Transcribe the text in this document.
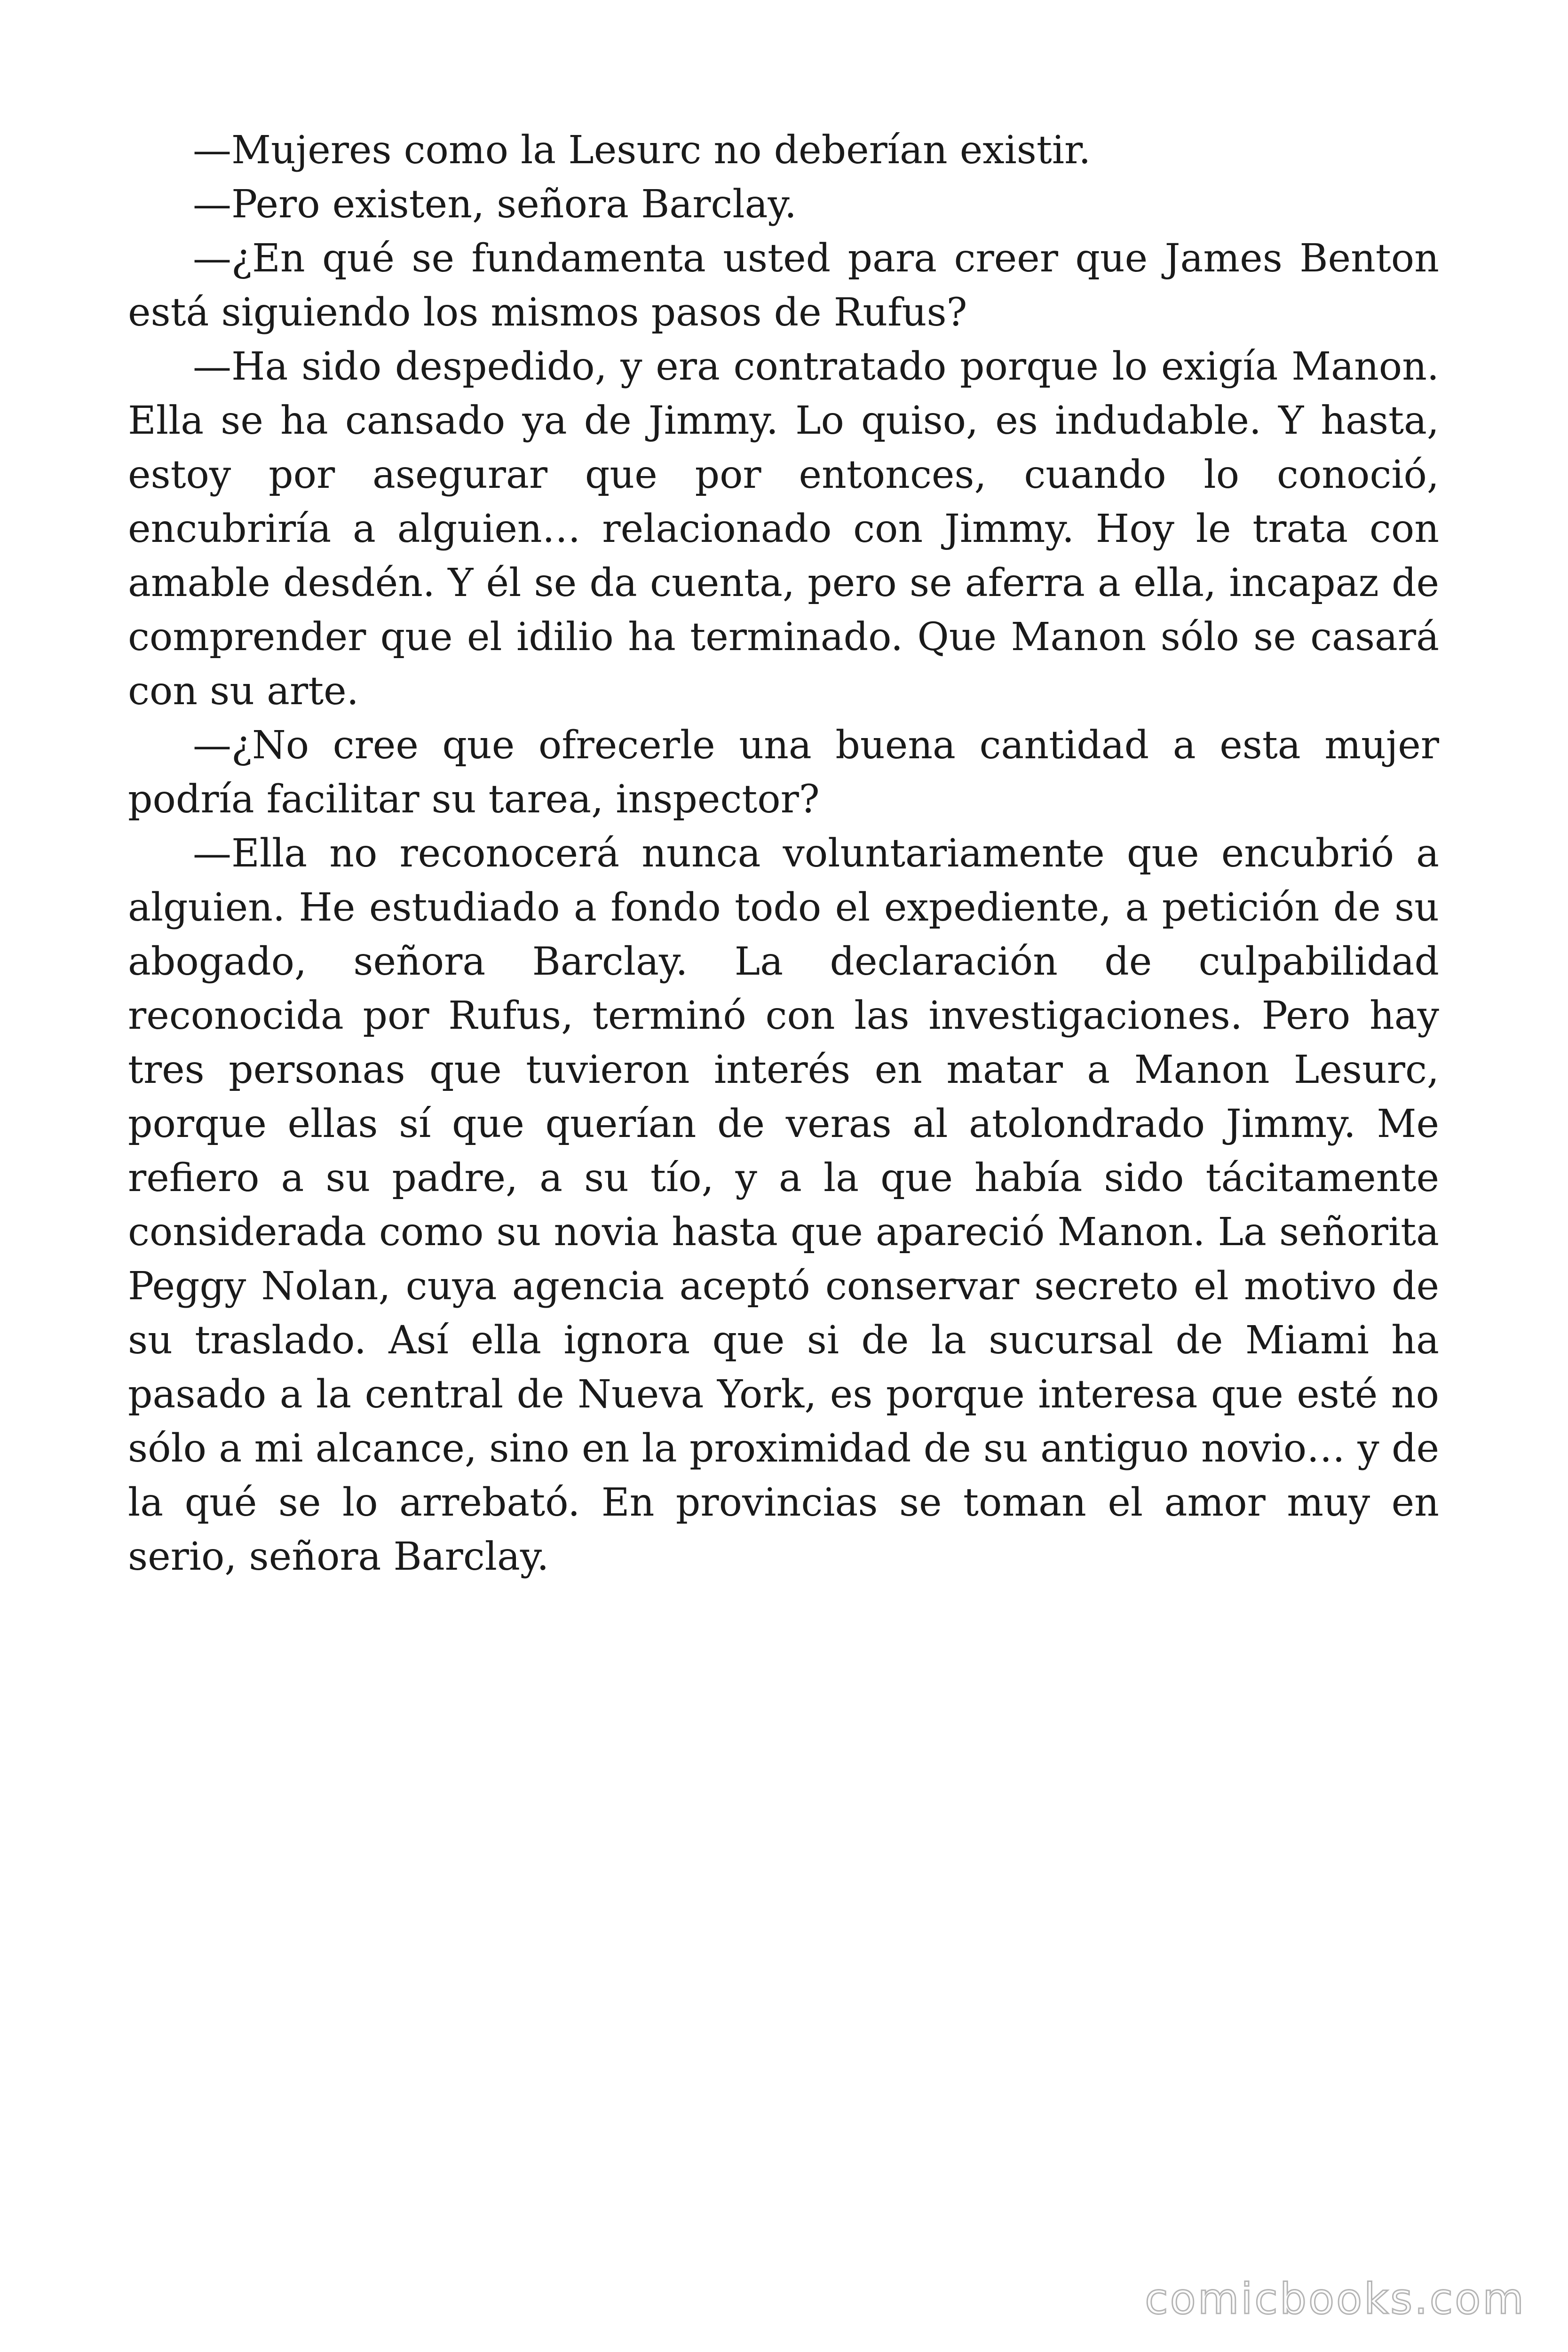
—Mujeres como la Lesurc no deberían existir.

—Pero existen, señora Barclay.

—¿En qué se fundamenta usted para creer que James Benton está siguiendo los mismos pasos de Rufus?

—Ha sido despedido, y era contratado porque lo exigía Manon. Ella se ha cansado ya de Jimmy. Lo quiso, es indudable. Y hasta, estoy por asegurar que por entonces, cuando lo conoció, encubriría a alguien… relacionado con Jimmy. Hoy le trata con amable desdén. Y él se da cuenta, pero se aferra a ella, incapaz de comprender que el idilio ha terminado. Que Manon sólo se casará con su arte.

—¿No cree que ofrecerle una buena cantidad a esta mujer podría facilitar su tarea, inspector?

—Ella no reconocerá nunca voluntariamente que encubrió a alguien. He estudiado a fondo todo el expediente, a petición de su abogado, señora Barclay. La declaración de culpabilidad reconocida por Rufus, terminó con las investigaciones. Pero hay tres personas que tuvieron interés en matar a Manon Lesurc, porque ellas sí que querían de veras al atolondrado Jimmy. Me refiero a su padre, a su tío, y a la que había sido tácitamente considerada como su novia hasta que apareció Manon. La señorita Peggy Nolan, cuya agencia aceptó conservar secreto el motivo de su traslado. Así ella ignora que si de la sucursal de Miami ha pasado a la central de Nueva York, es porque interesa que esté no sólo a mi alcance, sino en la proximidad de su antiguo novio… y de la qué se lo arrebató. En provincias se toman el amor muy en serio, señora Barclay.

comicbooks.com
